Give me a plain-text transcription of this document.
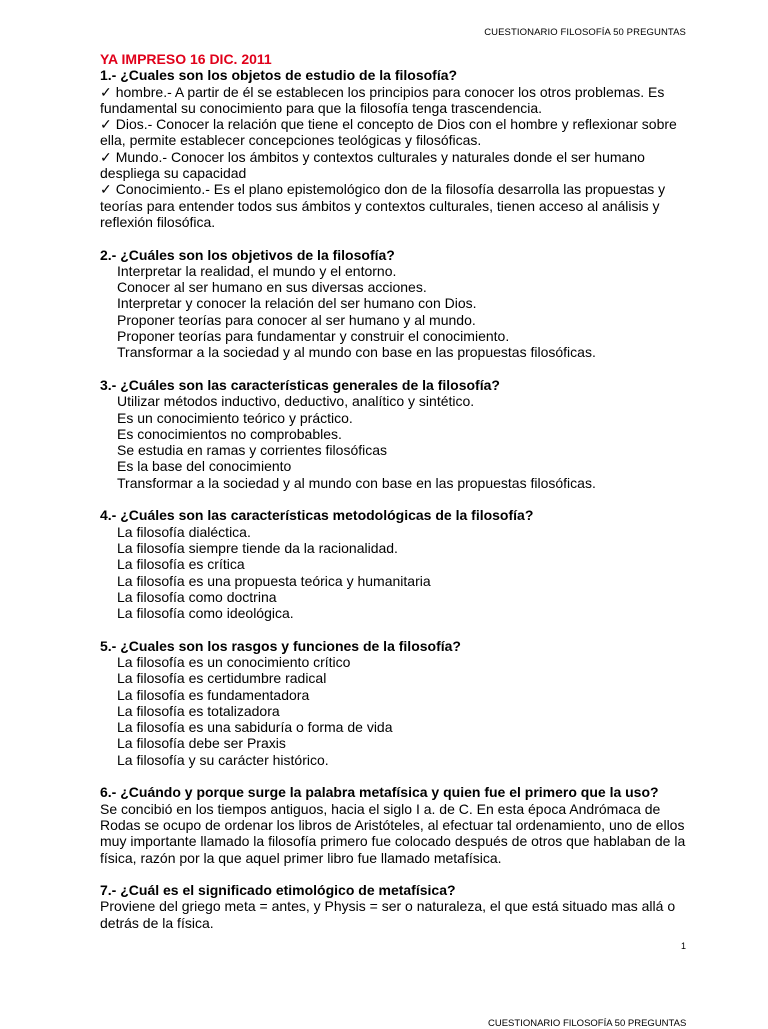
CUESTIONARIO FILOSOFÍA 50 PREGUNTAS
YA IMPRESO 16 DIC. 2011
1.- ¿Cuales son los objetos de estudio de la filosofía?
✓ hombre.- A partir de él se establecen los principios para conocer los otros problemas. Es fundamental su conocimiento para que la filosofía tenga trascendencia.
✓ Dios.- Conocer la relación que tiene el concepto de Dios con el hombre y reflexionar sobre ella, permite establecer concepciones teológicas y filosóficas.
✓ Mundo.- Conocer los ámbitos y contextos culturales y naturales donde el ser humano despliega su capacidad
✓ Conocimiento.- Es el plano epistemológico don de la filosofía desarrolla las propuestas y teorías para entender todos sus ámbitos y contextos culturales, tienen acceso al análisis y reflexión filosófica.
2.- ¿Cuáles son los objetivos de la filosofía?
Interpretar la realidad, el mundo y el entorno.
Conocer al ser humano en sus diversas acciones.
Interpretar y conocer la relación del ser humano con Dios.
Proponer teorías para conocer al ser humano y al mundo.
Proponer teorías para fundamentar y construir el conocimiento.
Transformar a la sociedad y al mundo con base en las propuestas filosóficas.
3.- ¿Cuáles son las características generales de la filosofía?
Utilizar métodos inductivo, deductivo, analítico y sintético.
Es un conocimiento teórico y práctico.
Es conocimientos no comprobables.
Se estudia en ramas y corrientes filosóficas
Es la base del conocimiento
Transformar a la sociedad y al mundo con base en las propuestas filosóficas.
4.- ¿Cuáles son las características metodológicas de la filosofía?
La filosofía dialéctica.
La filosofía siempre tiende da la racionalidad.
La filosofía es crítica
La filosofía es una propuesta teórica y humanitaria
La filosofía como doctrina
La filosofía como ideológica.
5.- ¿Cuales son los rasgos y funciones de la filosofía?
La filosofía es un conocimiento crítico
La filosofía es certidumbre radical
La filosofía es fundamentadora
La filosofía es totalizadora
La filosofía es una sabiduría o forma de vida
La filosofía debe ser Praxis
La filosofía y su carácter histórico.
6.- ¿Cuándo y porque surge la palabra metafísica y quien fue el primero que la uso?
Se concibió en los tiempos antiguos, hacia el siglo I a. de C. En esta época Andrómaca de Rodas se ocupo de ordenar los libros de Aristóteles, al efectuar tal ordenamiento, uno de ellos muy importante llamado la filosofía primero fue colocado después de otros que hablaban de la física, razón por la que aquel primer libro fue llamado metafísica.
7.- ¿Cuál es el significado etimológico de metafísica?
Proviene del griego meta = antes, y Physis = ser o naturaleza, el que está situado mas allá o detrás de la física.
1
CUESTIONARIO FILOSOFÍA 50 PREGUNTAS
